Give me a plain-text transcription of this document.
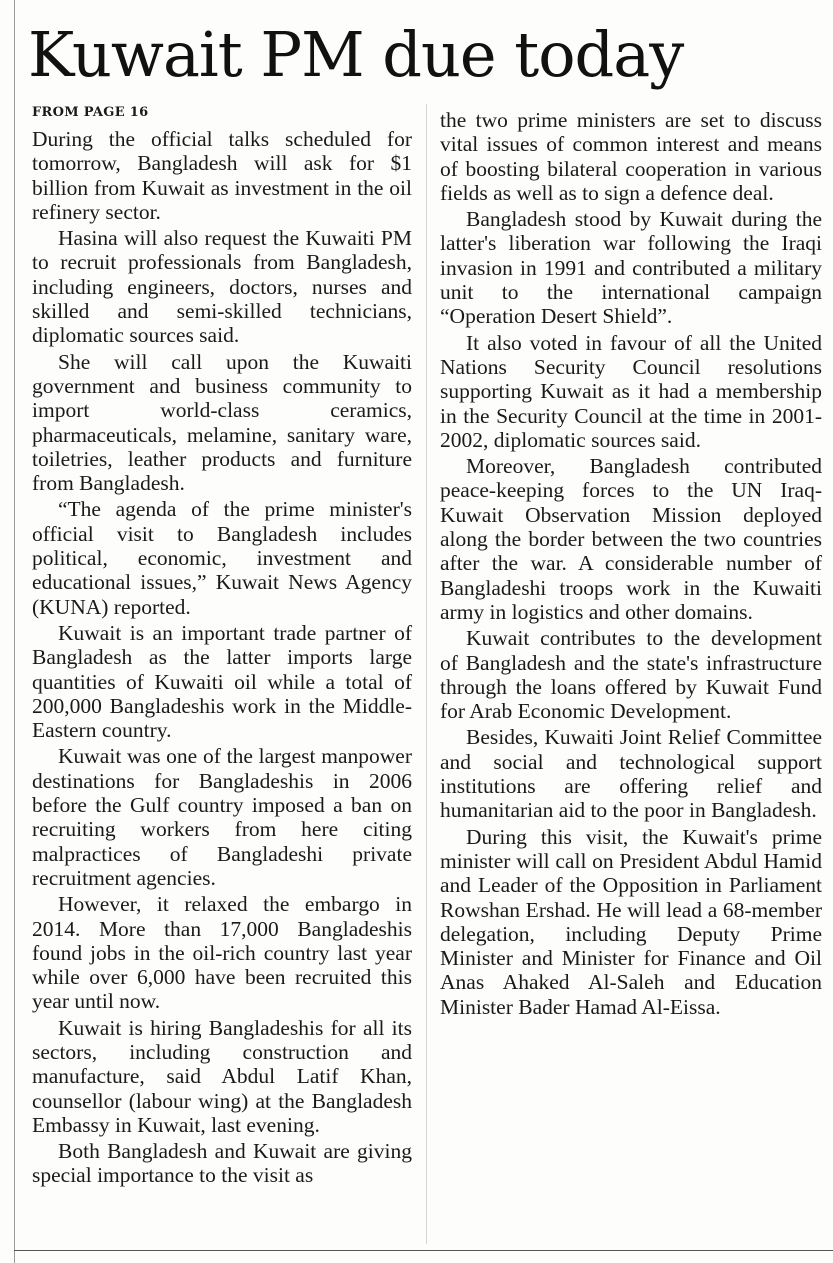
Kuwait PM due today
FROM PAGE 16

During the official talks scheduled for tomorrow, Bangladesh will ask for $1 billion from Kuwait as investment in the oil refinery sector.

Hasina will also request the Kuwaiti PM to recruit professionals from Bangladesh, including engineers, doctors, nurses and skilled and semi-skilled technicians, diplomatic sources said.

She will call upon the Kuwaiti government and business community to import world-class ceramics, pharmaceuticals, melamine, sanitary ware, toiletries, leather products and furniture from Bangladesh.

“The agenda of the prime minister's official visit to Bangladesh includes political, economic, investment and educational issues,” Kuwait News Agency (KUNA) reported.

Kuwait is an important trade partner of Bangladesh as the latter imports large quantities of Kuwaiti oil while a total of 200,000 Bangladeshis work in the Middle-Eastern country.

Kuwait was one of the largest manpower destinations for Bangladeshis in 2006 before the Gulf country imposed a ban on recruiting workers from here citing malpractices of Bangladeshi private recruitment agencies.

However, it relaxed the embargo in 2014. More than 17,000 Bangladeshis found jobs in the oil-rich country last year while over 6,000 have been recruited this year until now.

Kuwait is hiring Bangladeshis for all its sectors, including construction and manufacture, said Abdul Latif Khan, counsellor (labour wing) at the Bangladesh Embassy in Kuwait, last evening.

Both Bangladesh and Kuwait are giving special importance to the visit as

the two prime ministers are set to discuss vital issues of common interest and means of boosting bilateral cooperation in various fields as well as to sign a defence deal.

Bangladesh stood by Kuwait during the latter's liberation war following the Iraqi invasion in 1991 and contributed a military unit to the international campaign “Operation Desert Shield”.

It also voted in favour of all the United Nations Security Council resolutions supporting Kuwait as it had a membership in the Security Council at the time in 2001-2002, diplomatic sources said.

Moreover, Bangladesh contributed peace-keeping forces to the UN Iraq-Kuwait Observation Mission deployed along the border between the two countries after the war. A considerable number of Bangladeshi troops work in the Kuwaiti army in logistics and other domains.

Kuwait contributes to the development of Bangladesh and the state's infrastructure through the loans offered by Kuwait Fund for Arab Economic Development.

Besides, Kuwaiti Joint Relief Committee and social and technological support institutions are offering relief and humanitarian aid to the poor in Bangladesh.

During this visit, the Kuwait's prime minister will call on President Abdul Hamid and Leader of the Opposition in Parliament Rowshan Ershad. He will lead a 68-member delegation, including Deputy Prime Minister and Minister for Finance and Oil Anas Ahaked Al-Saleh and Education Minister Bader Hamad Al-Eissa.
